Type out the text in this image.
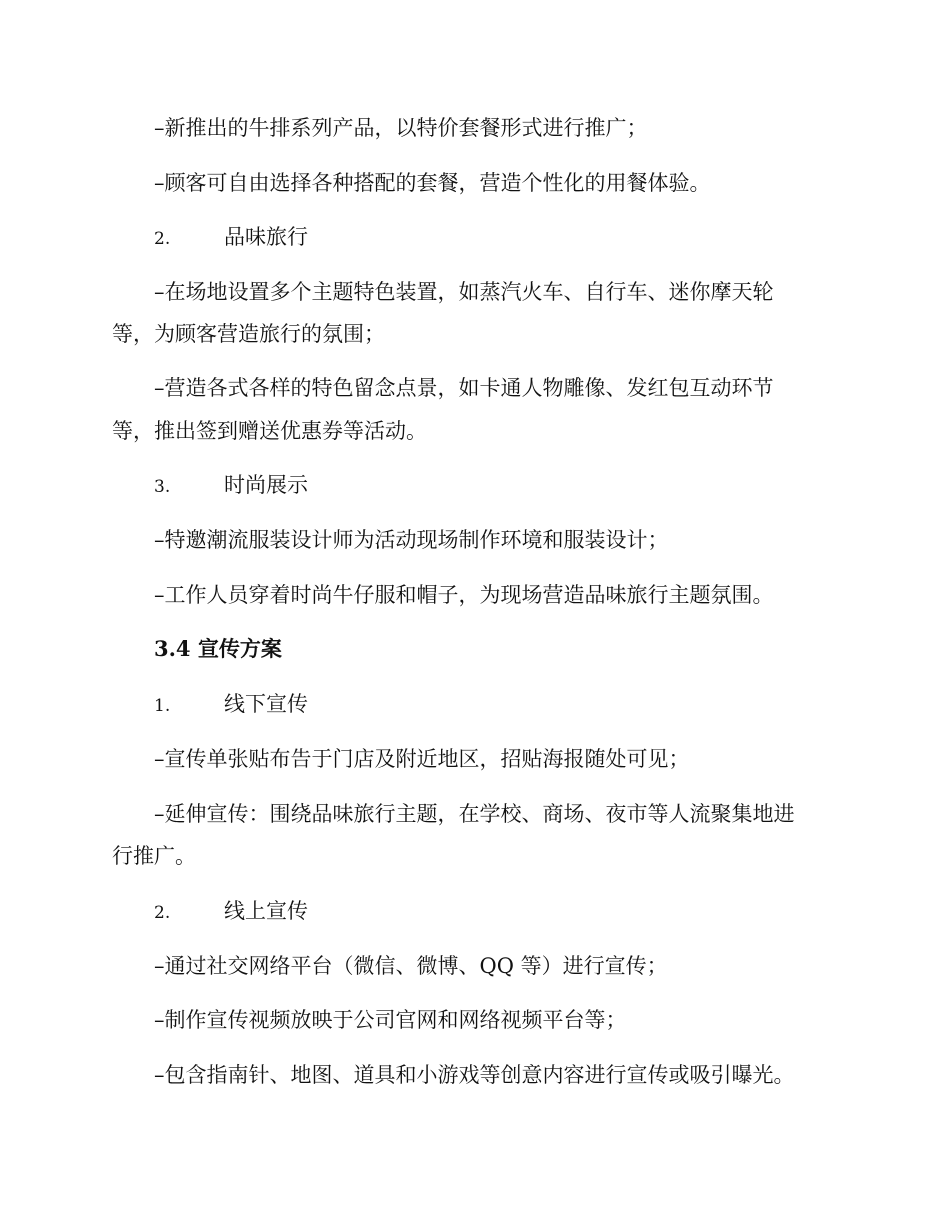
–新推出的牛排系列产品，以特价套餐形式进行推广；
–顾客可自由选择各种搭配的套餐，营造个性化的用餐体验。
2.	品味旅行
–在场地设置多个主题特色装置，如蒸汽火车、自行车、迷你摩天轮
等，为顾客营造旅行的氛围；
–营造各式各样的特色留念点景，如卡通人物雕像、发红包互动环节
等，推出签到赠送优惠券等活动。
3.	时尚展示
–特邀潮流服装设计师为活动现场制作环境和服装设计；
–工作人员穿着时尚牛仔服和帽子，为现场营造品味旅行主题氛围。
3.4 宣传方案
1.	线下宣传
–宣传单张贴布告于门店及附近地区，招贴海报随处可见；
–延伸宣传：围绕品味旅行主题，在学校、商场、夜市等人流聚集地进
行推广。
2.	线上宣传
–通过社交网络平台（微信、微博、QQ 等）进行宣传；
–制作宣传视频放映于公司官网和网络视频平台等；
–包含指南针、地图、道具和小游戏等创意内容进行宣传或吸引曝光。
